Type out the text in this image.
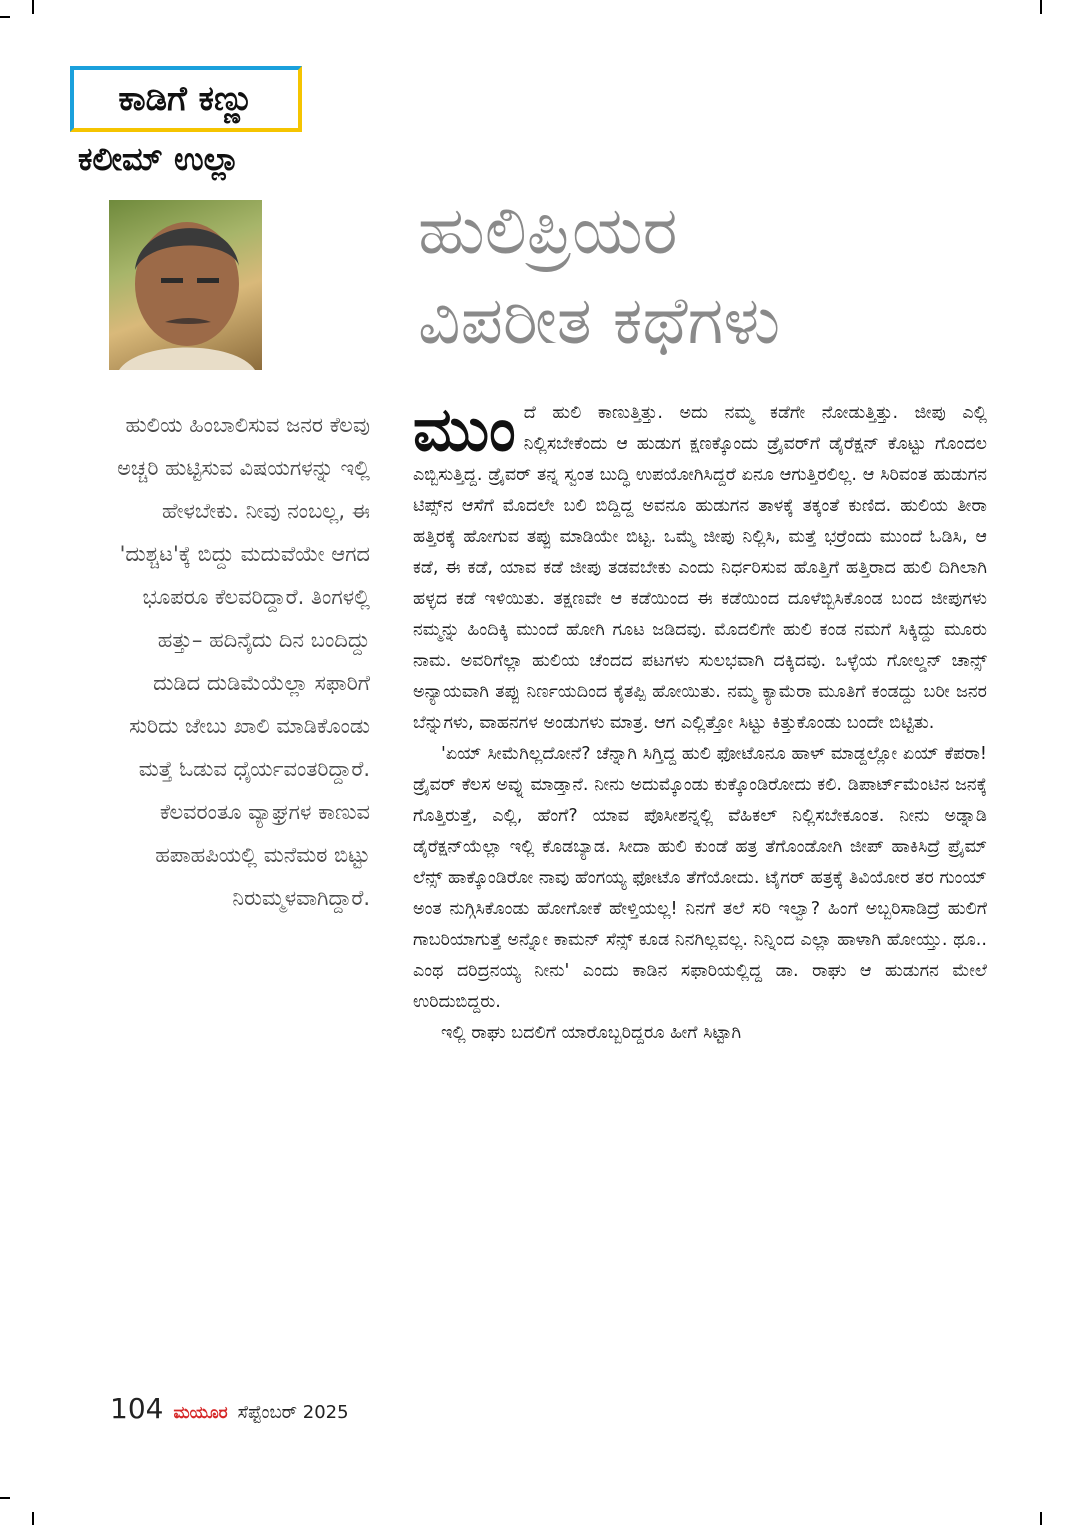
ಕಾಡಿಗೆ ಕಣ್ಣು
ಕಲೀಮ್ ಉಲ್ಲಾ
ಹುಲಿಪ್ರಿಯರ
ವಿಪರೀತ ಕಥೆಗಳು

ಹುಲಿಯ ಹಿಂಬಾಲಿಸುವ ಜನರ ಕೆಲವು ಅಚ್ಚರಿ ಹುಟ್ಟಿಸುವ ವಿಷಯಗಳನ್ನು ಇಲ್ಲಿ ಹೇಳಬೇಕು. ನೀವು ನಂಬಲ್ಲ, ಈ 'ದುಶ್ಚಟ'ಕ್ಕೆ ಬಿದ್ದು ಮದುವೆಯೇ ಆಗದ ಭೂಪರೂ ಕೆಲವರಿದ್ದಾರೆ. ತಿಂಗಳಲ್ಲಿ ಹತ್ತು– ಹದಿನೈದು ದಿನ ಬಂದಿದ್ದು ದುಡಿದ ದುಡಿಮೆಯೆಲ್ಲಾ ಸಫಾರಿಗೆ ಸುರಿದು ಜೇಬು ಖಾಲಿ ಮಾಡಿಕೊಂಡು ಮತ್ತೆ ಓಡುವ ಧೈರ್ಯವಂತರಿದ್ದಾರೆ. ಕೆಲವರಂತೂ ವ್ಯಾಘ್ರಗಳ ಕಾಣುವ ಹಪಾಹಪಿಯಲ್ಲಿ ಮನೆಮಠ ಬಿಟ್ಟು ನಿರುಮ್ಮಳವಾಗಿದ್ದಾರೆ.

ಮುಂದೆ ಹುಲಿ ಕಾಣುತ್ತಿತ್ತು. ಅದು ನಮ್ಮ ಕಡೆಗೇ ನೋಡುತ್ತಿತ್ತು. ಜೀಪು ಎಲ್ಲಿ ನಿಲ್ಲಿಸಬೇಕೆಂದು ಆ ಹುಡುಗ ಕ್ಷಣಕ್ಕೊಂದು ಡ್ರೈವರ್‌ಗೆ ಡೈರೆಕ್ಷನ್ ಕೊಟ್ಟು ಗೊಂದಲ ಎಬ್ಬಿಸುತ್ತಿದ್ದ. ಡ್ರೈವರ್ ತನ್ನ ಸ್ವಂತ ಬುದ್ಧಿ ಉಪಯೋಗಿಸಿದ್ದರೆ ಏನೂ ಆಗುತ್ತಿರಲಿಲ್ಲ. ಆ ಸಿರಿವಂತ ಹುಡುಗನ ಟಿಪ್ಸ್‌ನ ಆಸೆಗೆ ಮೊದಲೇ ಬಲಿ ಬಿದ್ದಿದ್ದ ಅವನೂ ಹುಡುಗನ ತಾಳಕ್ಕೆ ತಕ್ಕಂತೆ ಕುಣಿದ. ಹುಲಿಯ ತೀರಾ ಹತ್ತಿರಕ್ಕೆ ಹೋಗುವ ತಪ್ಪು ಮಾಡಿಯೇ ಬಿಟ್ಟ. ಒಮ್ಮೆ ಜೀಪು ನಿಲ್ಲಿಸಿ, ಮತ್ತೆ ಭರ್ರೆಂದು ಮುಂದೆ ಓಡಿಸಿ, ಆ ಕಡೆ, ಈ ಕಡೆ, ಯಾವ ಕಡೆ ಜೀಪು ತಡವಬೇಕು ಎಂದು ನಿರ್ಧರಿಸುವ ಹೊತ್ತಿಗೆ ಹತ್ತಿರಾದ ಹುಲಿ ದಿಗಿಲಾಗಿ ಹಳ್ಳದ ಕಡೆ ಇಳಿಯಿತು. ತಕ್ಷಣವೇ ಆ ಕಡೆಯಿಂದ ಈ ಕಡೆಯಿಂದ ದೂಳೆಬ್ಬಿಸಿಕೊಂಡ ಬಂದ ಜೀಪುಗಳು ನಮ್ಮನ್ನು ಹಿಂದಿಕ್ಕಿ ಮುಂದೆ ಹೋಗಿ ಗೂಟ ಜಡಿದವು. ಮೊದಲಿಗೇ ಹುಲಿ ಕಂಡ ನಮಗೆ ಸಿಕ್ಕಿದ್ದು ಮೂರು ನಾಮ. ಅವರಿಗೆಲ್ಲಾ ಹುಲಿಯ ಚೆಂದದ ಪಟಗಳು ಸುಲಭವಾಗಿ ದಕ್ಕಿದವು. ಒಳ್ಳೆಯ ಗೋಲ್ಡನ್ ಚಾನ್ಸ್ ಅನ್ಯಾಯವಾಗಿ ತಪ್ಪು ನಿರ್ಣಯದಿಂದ ಕೈತಪ್ಪಿ ಹೋಯಿತು. ನಮ್ಮ ಕ್ಯಾಮೆರಾ ಮೂತಿಗೆ ಕಂಡದ್ದು ಬರೀ ಜನರ ಬೆನ್ನುಗಳು, ವಾಹನಗಳ ಅಂಡುಗಳು ಮಾತ್ರ. ಆಗ ಎಲ್ಲಿತ್ತೋ ಸಿಟ್ಟು ಕಿತ್ತುಕೊಂಡು ಬಂದೇ ಬಿಟ್ಟಿತು.

'ಏಯ್ ಸೀಮೆಗಿಲ್ಲದೋನೆ? ಚೆನ್ನಾಗಿ ಸಿಗ್ತಿದ್ದ ಹುಲಿ ಫೋಟೊನೂ ಹಾಳ್ ಮಾಡ್ದಲ್ಲೋ ಏಯ್ ಕೆಪರಾ! ಡ್ರೈವರ್ ಕೆಲಸ ಅವ್ನು ಮಾಡ್ತಾನೆ. ನೀನು ಅದುಮ್ಕೊಂಡು ಕುಕ್ಕೊಂಡಿರೋದು ಕಲಿ. ಡಿಪಾರ್ಟ್‌ಮೆಂಟಿನ ಜನಕ್ಕೆ ಗೊತ್ತಿರುತ್ತೆ, ಎಲ್ಲಿ, ಹೆಂಗೆ? ಯಾವ ಪೊಸೀಶನ್ನಲ್ಲಿ ವೆಹಿಕಲ್ ನಿಲ್ಲಿಸಬೇಕೂಂತ. ನೀನು ಅಡ್ನಾಡಿ ಡೈರೆಕ್ಷನ್‌ಯೆಲ್ಲಾ ಇಲ್ಲಿ ಕೊಡಬ್ಯಾಡ. ಸೀದಾ ಹುಲಿ ಕುಂಡೆ ಹತ್ರ ತೆಗೊಂಡೋಗಿ ಜೀಪ್ ಹಾಕಿಸಿದ್ರೆ ಪ್ರೈಮ್ ಲೆನ್ಸ್ ಹಾಕ್ಕೊಂಡಿರೋ ನಾವು ಹೆಂಗಯ್ಯ ಫೋಟೊ ತೆಗೆಯೋದು. ಟೈಗರ್ ಹತ್ರಕ್ಕೆ ತಿವಿಯೋರ ತರ ಗುಂಯ್ ಅಂತ ನುಗ್ಗಿಸಿಕೊಂಡು ಹೋಗೋಕೆ ಹೇಳ್ತಿಯಲ್ಲ! ನಿನಗೆ ತಲೆ ಸರಿ ಇಲ್ವಾ? ಹಿಂಗೆ ಅಬ್ಬರಿಸಾಡಿದ್ರೆ ಹುಲಿಗೆ ಗಾಬರಿಯಾಗುತ್ತೆ ಅನ್ನೋ ಕಾಮನ್ ಸೆನ್ಸ್ ಕೂಡ ನಿನಗಿಲ್ಲವಲ್ಲ. ನಿನ್ನಿಂದ ಎಲ್ಲಾ ಹಾಳಾಗಿ ಹೋಯ್ತು. ಥೂ.. ಎಂಥ ದರಿದ್ರನಯ್ಯ ನೀನು' ಎಂದು ಕಾಡಿನ ಸಫಾರಿಯಲ್ಲಿದ್ದ ಡಾ. ರಾಘು ಆ ಹುಡುಗನ ಮೇಲೆ ಉರಿದುಬಿದ್ದರು.

ಇಲ್ಲಿ ರಾಘು ಬದಲಿಗೆ ಯಾರೊಬ್ಬರಿದ್ದರೂ ಹೀಗೆ ಸಿಟ್ಟಾಗಿ

104 ಮಯೂರ ಸೆಪ್ಟೆಂಬರ್ 2025
